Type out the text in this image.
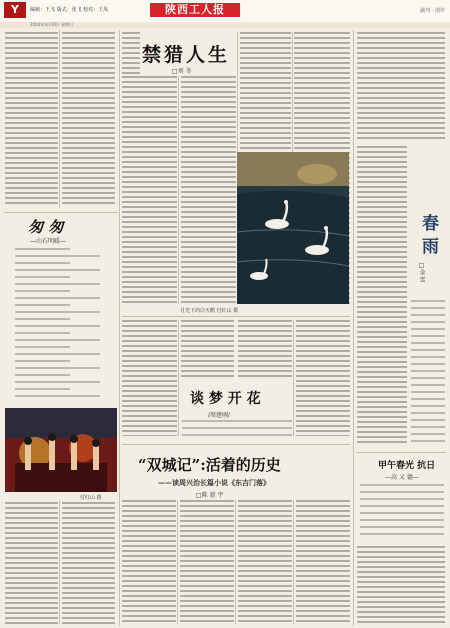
Y	编辑：王飞 版式：张飞 校对：王凤	陕西工人报	副刊 · 创作
2024年3月10日 星期日
匆 匆
—山石明暖—
付红山 摄
禁猎人生
□刘 冬
月光下的白天鹅 付红山 摄
谈 梦 开 花
/周建刚/
“双城记”:活着的历史
——读周兴治长篇小说《东吉门落》
□陈 新 宇
春雨
□金 雪
甲午春光 抗日
—高 又 德—
